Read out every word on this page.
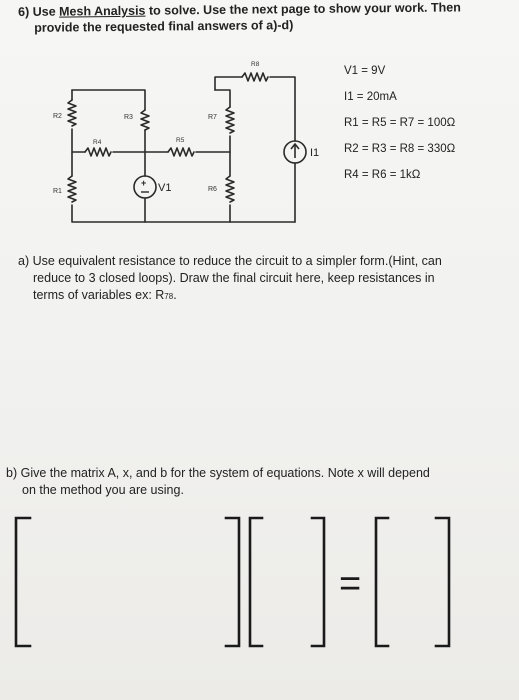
6) Use Mesh Analysis to solve. Use the next page to show your work. Then
provide the requested final answers of a)-d)
R2
R1
R3
R4	R5
R7
R6
R8
+ V1
I1
V1 = 9V
I1 = 20mA
R1 = R5 = R7 = 100Ω
R2 = R3 = R8 = 330Ω
R4 = R6 = 1kΩ
a) Use equivalent resistance to reduce the circuit to a simpler form.(Hint, can
reduce to 3 closed loops). Draw the final circuit here, keep resistances in
terms of variables ex: R78.
b) Give the matrix A, x, and b for the system of equations. Note x will depend
on the method you are using.
=
